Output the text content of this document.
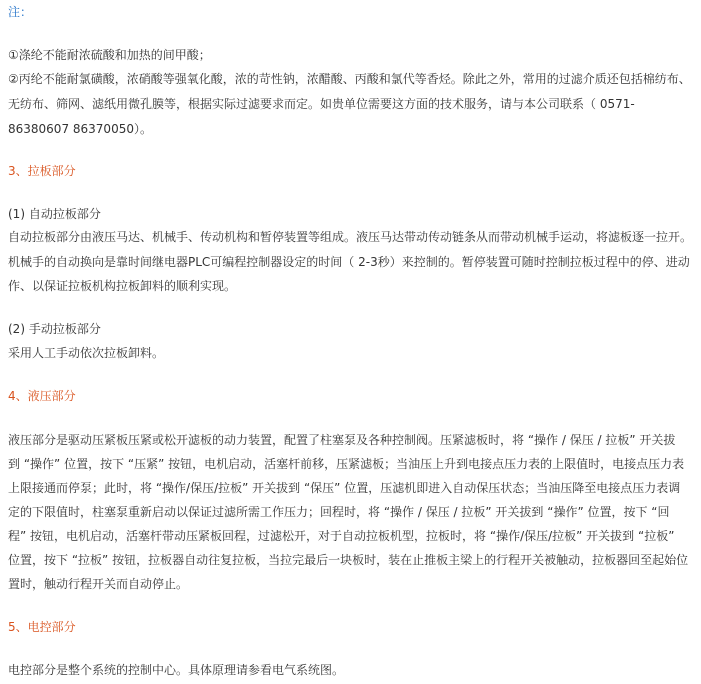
注：
①涤纶不能耐浓硫酸和加热的间甲酸；
②丙纶不能耐氯磺酸，浓硝酸等强氧化酸，浓的苛性钠，浓醋酸、丙酸和氯代等香烃。除此之外，常用的过滤介质还包括棉纺布、
无纺布、筛网、滤纸用微孔膜等，根据实际过滤要求而定。如贵单位需要这方面的技术服务，请与本公司联系（ 0571-
86380607 86370050）。
3、拉板部分
(1) 自动拉板部分
自动拉板部分由液压马达、机械手、传动机构和暂停装置等组成。液压马达带动传动链条从而带动机械手运动，将滤板逐一拉开。
机械手的自动换向是靠时间继电器PLC可编程控制器设定的时间（ 2-3秒）来控制的。暂停装置可随时控制拉板过程中的停、进动
作、以保证拉板机构拉板卸料的顺利实现。
(2) 手动拉板部分
采用人工手动依次拉板卸料。
4、液压部分
液压部分是驱动压紧板压紧或松开滤板的动力装置，配置了柱塞泵及各种控制阀。压紧滤板时，将 “操作 / 保压 / 拉板” 开关拔
到 “操作” 位置，按下 “压紧” 按钮，电机启动，活塞杆前移，压紧滤板；当油压上升到电接点压力表的上限值时，电接点压力表
上限接通而停泵；此时，将 “操作/保压/拉板” 开关拔到 “保压” 位置，压滤机即进入自动保压状态；当油压降至电接点压力表调
定的下限值时，柱塞泵重新启动以保证过滤所需工作压力；回程时，将 “操作 / 保压 / 拉板” 开关拔到 “操作” 位置，按下 “回
程” 按钮，电机启动，活塞杆带动压紧板回程，过滤松开，对于自动拉板机型，拉板时，将 “操作/保压/拉板” 开关拔到 “拉板”
位置，按下 “拉板” 按钮，拉板器自动往复拉板，当拉完最后一块板时，装在止推板主梁上的行程开关被触动，拉板器回至起始位
置时，触动行程开关而自动停止。
5、电控部分
电控部分是整个系统的控制中心。具体原理请参看电气系统图。
